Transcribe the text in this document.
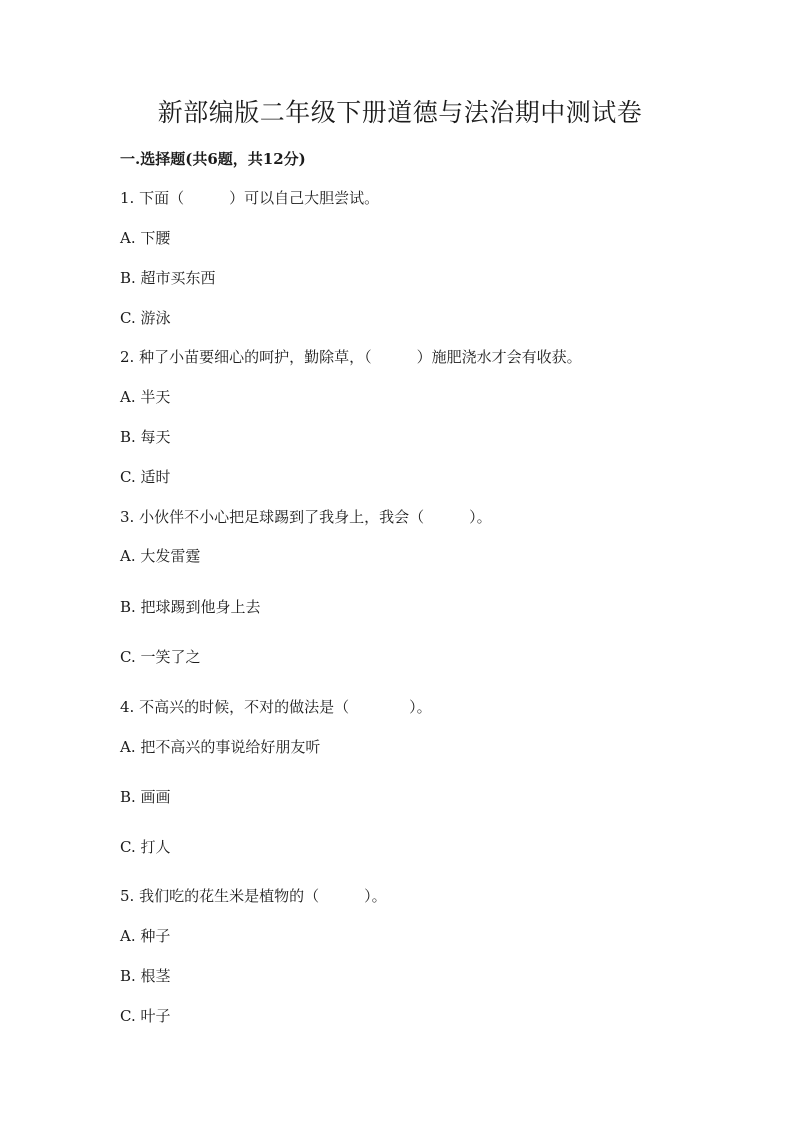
新部编版二年级下册道德与法治期中测试卷
一.选择题(共6题，共12分)
1. 下面（　　　）可以自己大胆尝试。
A. 下腰
B. 超市买东西
C. 游泳
2. 种了小苗要细心的呵护，勤除草，（　　　）施肥浇水才会有收获。
A. 半天
B. 每天
C. 适时
3. 小伙伴不小心把足球踢到了我身上，我会（　　　）。
A. 大发雷霆
B. 把球踢到他身上去
C. 一笑了之
4. 不高兴的时候，不对的做法是（　　　　）。
A. 把不高兴的事说给好朋友听
B. 画画
C. 打人
5. 我们吃的花生米是植物的（　　　）。
A. 种子
B. 根茎
C. 叶子
